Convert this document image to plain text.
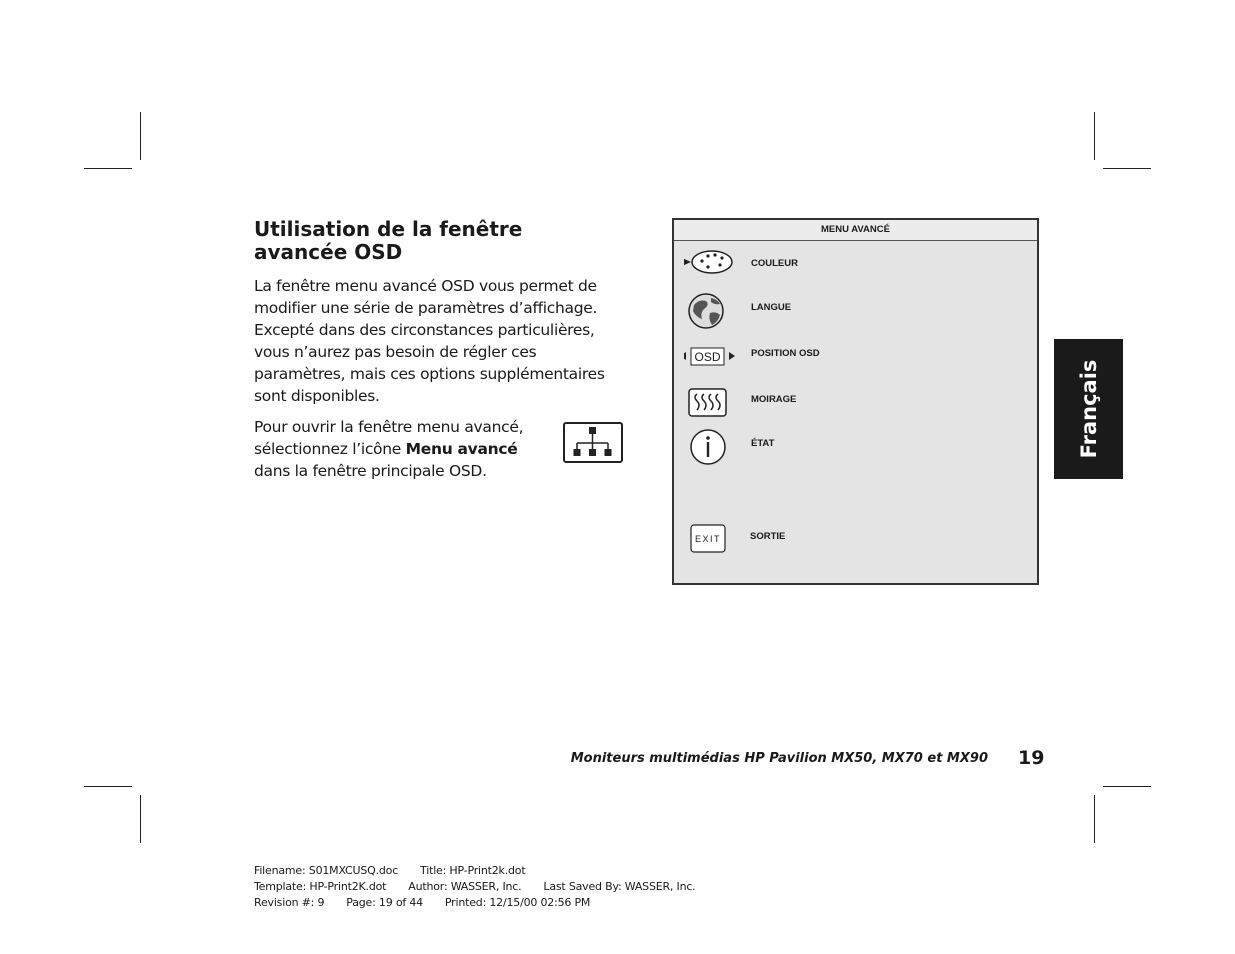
Utilisation de la fenêtre avancée OSD
La fenêtre menu avancé OSD vous permet de modifier une série de paramètres d’affichage. Excepté dans des circonstances particulières, vous n’aurez pas besoin de régler ces paramètres, mais ces options supplémentaires sont disponibles.
Pour ouvrir la fenêtre menu avancé, sélectionnez l’icône Menu avancé dans la fenêtre principale OSD.
MENU AVANCÉ
COULEUR
LANGUE
OSD	POSITION OSD
MOIRAGE
ÉTAT
EXIT	SORTIE
Français
Moniteurs multimédias HP Pavilion MX50, MX70 et MX90 19
Filename: S01MXCUSQ.doc Title: HP-Print2k.dot
Template: HP-Print2K.dot Author: WASSER, Inc. Last Saved By: WASSER, Inc.
Revision #: 9 Page: 19 of 44 Printed: 12/15/00 02:56 PM
